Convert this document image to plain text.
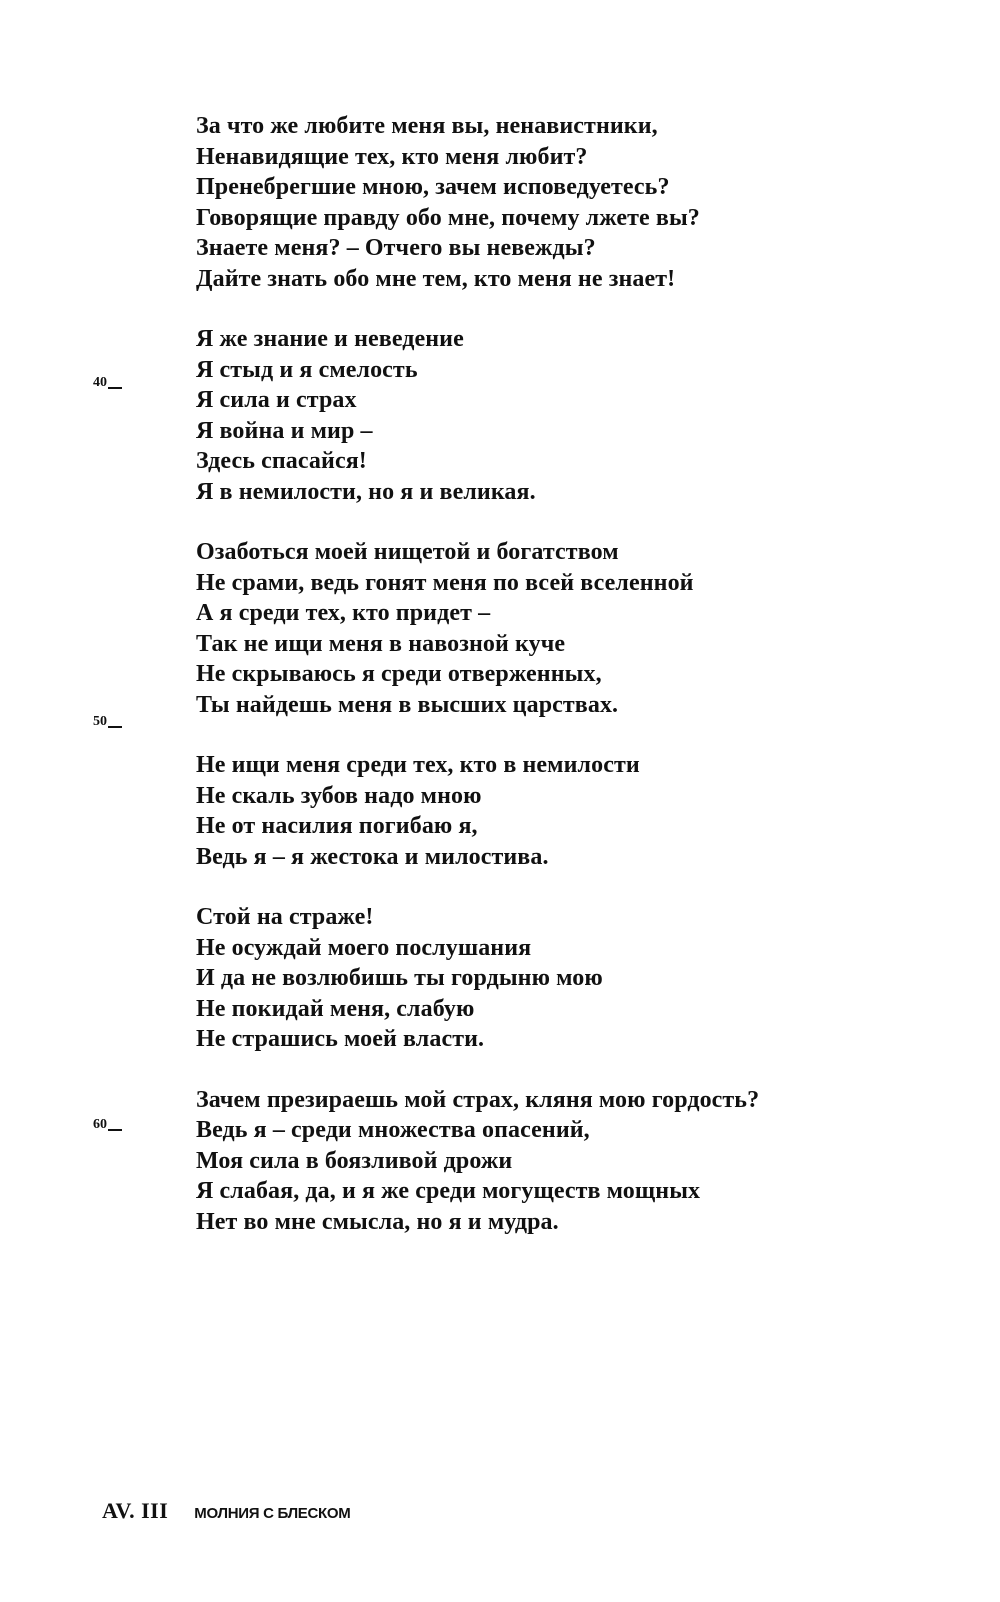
За что же любите меня вы, ненавистники,
Ненавидящие тех, кто меня любит?
Пренебрегшие мною, зачем исповедуетесь?
Говорящие правду обо мне, почему лжете вы?
Знаете меня? – Отчего вы невежды?
Дайте знать обо мне тем, кто меня не знает!
Я же знание и неведение
Я стыд и я смелость
Я сила и страх
Я война и мир –
Здесь спасайся!
Я в немилости, но я и великая.
Озаботься моей нищетой и богатством
Не срами, ведь гонят меня по всей вселенной
А я среди тех, кто придет –
Так не ищи меня в навозной куче
Не скрываюсь я среди отверженных,
Ты найдешь меня в высших царствах.
Не ищи меня среди тех, кто в немилости
Не скаль зубов надо мною
Не от насилия погибаю я,
Ведь я – я жестока и милостива.
Стой на страже!
Не осуждай моего послушания
И да не возлюбишь ты гордыню мою
Не покидай меня, слабую
Не страшись моей власти.
Зачем презираешь мой страх, кляня мою гордость?
Ведь я – среди множества опасений,
Моя сила в боязливой дрожи
Я слабая, да, и я же среди могуществ мощных
Нет во мне смысла, но я и мудра.
40
50
60
AV. III МОЛНИЯ С БЛЕСКОМ
